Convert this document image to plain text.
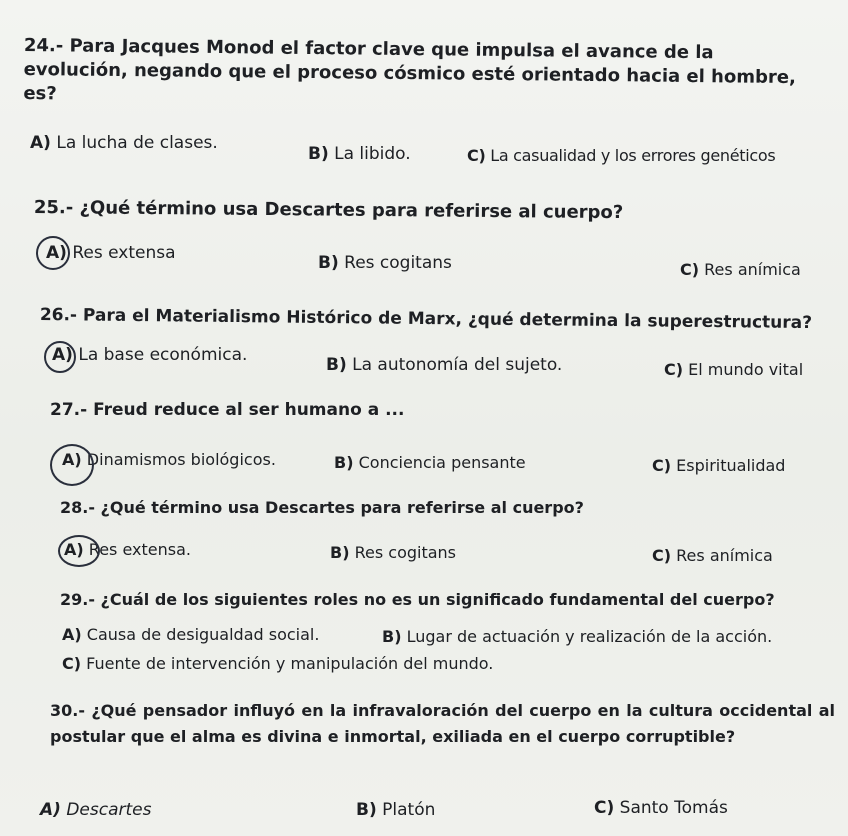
24.- Para Jacques Monod el factor clave que impulsa el avance de la evolución, negando que el proceso cósmico esté orientado hacia el hombre, es?
A) La lucha de clases.
B) La libido.	C) La casualidad y los errores genéticos
25.- ¿Qué término usa Descartes para referirse al cuerpo?
A) Res extensa	B) Res cogitans	C) Res anímica
26.- Para el Materialismo Histórico de Marx, ¿qué determina la superestructura?
A) La base económica.	B) La autonomía del sujeto.	C) El mundo vital
27.- Freud reduce al ser humano a ...
A) Dinamismos biológicos.	B) Conciencia pensante	C) Espiritualidad
28.- ¿Qué término usa Descartes para referirse al cuerpo?
A) Res extensa.	B) Res cogitans	C) Res anímica
29.- ¿Cuál de los siguientes roles no es un significado fundamental del cuerpo?
A) Causa de desigualdad social.	B) Lugar de actuación y realización de la acción.
C) Fuente de intervención y manipulación del mundo.
30.- ¿Qué pensador influyó en la infravaloración del cuerpo en la cultura occidental al postular que el alma es divina e inmortal, exiliada en el cuerpo corruptible?
A) Descartes	B) Platón	C) Santo Tomás
